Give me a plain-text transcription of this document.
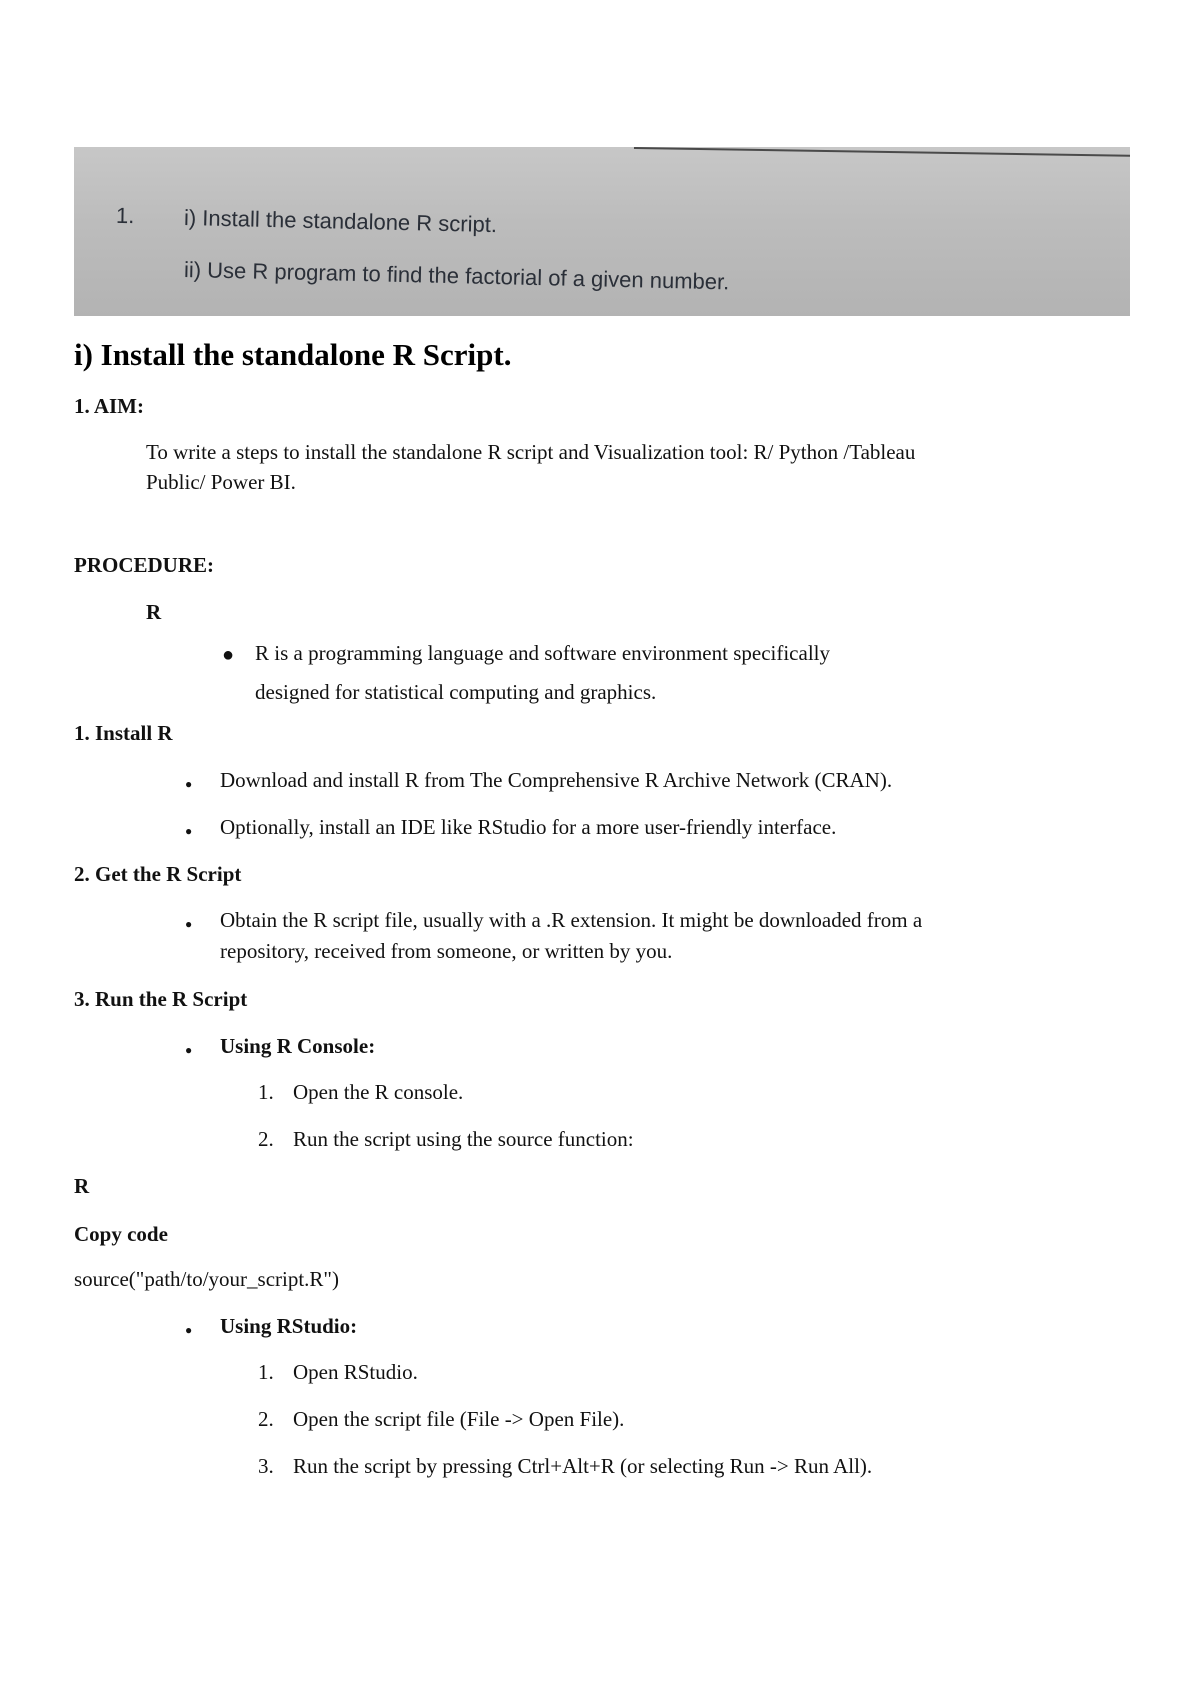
1. i) Install the standalone R script.
ii) Use R program to find the factorial of a given number.
i) Install the standalone R Script.
1. AIM:
To write a steps to install the standalone R script and Visualization tool: R/ Python /Tableau
Public/ Power BI.
PROCEDURE:
R
● R is a programming language and software environment specifically
designed for statistical computing and graphics.
1. Install R
● Download and install R from The Comprehensive R Archive Network (CRAN).
● Optionally, install an IDE like RStudio for a more user-friendly interface.
2. Get the R Script
● Obtain the R script file, usually with a .R extension. It might be downloaded from a
repository, received from someone, or written by you.
3. Run the R Script
● Using R Console:
1. Open the R console.
2. Run the script using the source function:
R
Copy code
source("path/to/your_script.R")
● Using RStudio:
1. Open RStudio.
2. Open the script file (File -> Open File).
3. Run the script by pressing Ctrl+Alt+R (or selecting Run -> Run All).
